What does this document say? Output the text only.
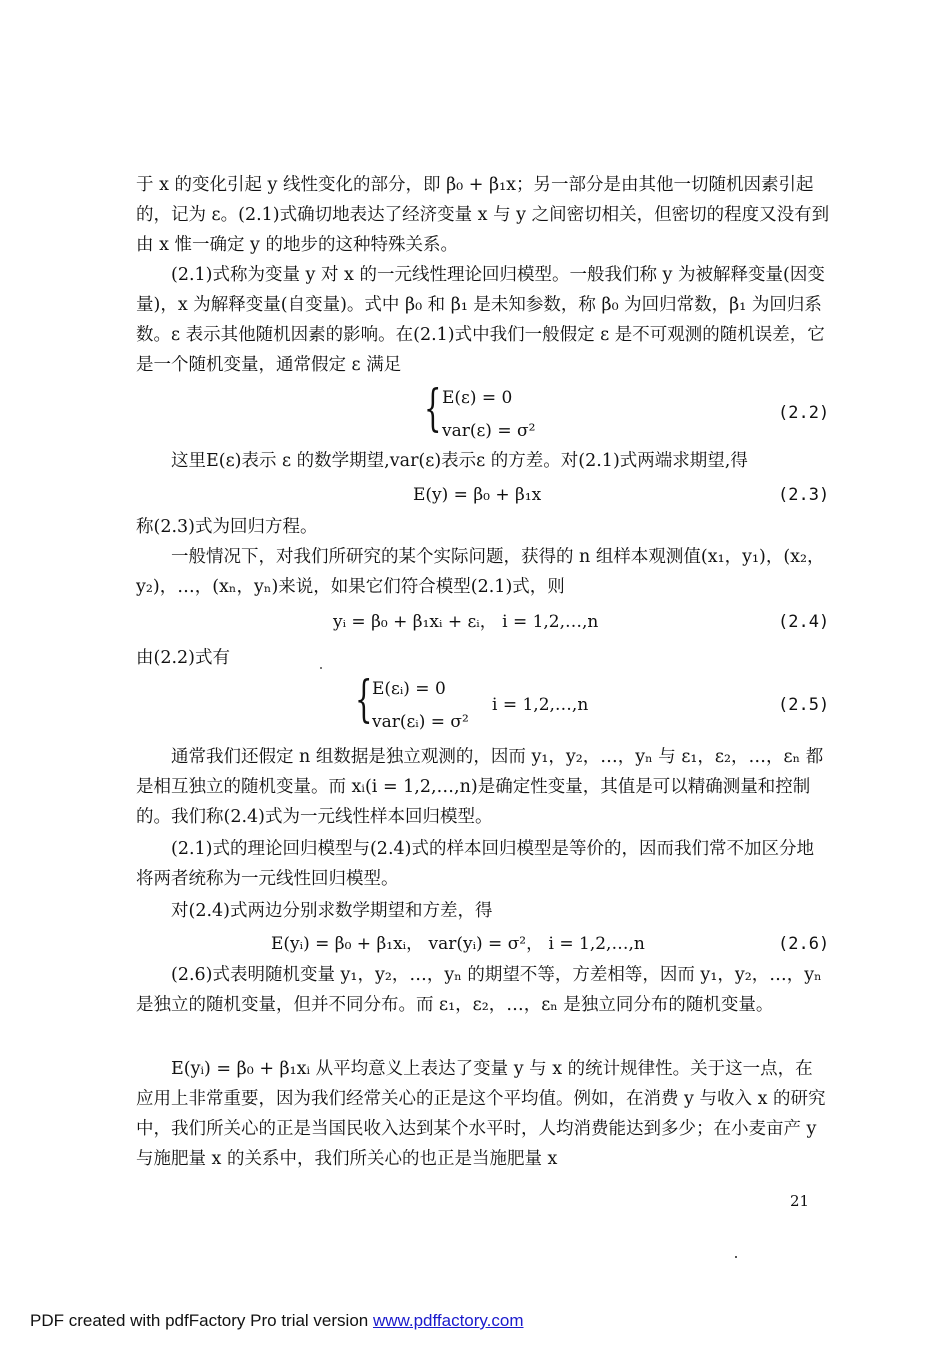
于 x 的变化引起 y 线性变化的部分，即 β₀ + β₁x；另一部分是由其他一切随机因素引起的，记为 ε。(2.1)式确切地表达了经济变量 x 与 y 之间密切相关，但密切的程度又没有到由 x 惟一确定 y 的地步的这种特殊关系。

(2.1)式称为变量 y 对 x 的一元线性理论回归模型。一般我们称 y 为被解释变量(因变量)，x 为解释变量(自变量)。式中 β₀ 和 β₁ 是未知参数，称 β₀ 为回归常数，β₁ 为回归系数。ε 表示其他随机因素的影响。在(2.1)式中我们一般假定 ε 是不可观测的随机误差，它是一个随机变量，通常假定 ε 满足

{ E(ε) = 0
var(ε) = σ²
(2.2)

这里E(ε)表示 ε 的数学期望,var(ε)表示ε 的方差。对(2.1)式两端求期望,得

E(y) = β₀ + β₁x	(2.3)

称(2.3)式为回归方程。

一般情况下，对我们所研究的某个实际问题，获得的 n 组样本观测值(x₁，y₁)，(x₂，y₂)，…，(xₙ，yₙ)来说，如果它们符合模型(2.1)式，则

yᵢ = β₀ + β₁xᵢ + εᵢ， i = 1,2,…,n	(2.4)

由(2.2)式有

{ E(εᵢ) = 0
var(εᵢ) = σ²
i = 1,2,…,n	(2.5)

通常我们还假定 n 组数据是独立观测的，因而 y₁，y₂，…，yₙ 与 ε₁，ε₂，…，εₙ 都是相互独立的随机变量。而 xᵢ(i = 1,2,…,n)是确定性变量，其值是可以精确测量和控制的。我们称(2.4)式为一元线性样本回归模型。

(2.1)式的理论回归模型与(2.4)式的样本回归模型是等价的，因而我们常不加区分地将两者统称为一元线性回归模型。

对(2.4)式两边分别求数学期望和方差，得

E(yᵢ) = β₀ + β₁xᵢ， var(yᵢ) = σ²， i = 1,2,…,n	(2.6)

(2.6)式表明随机变量 y₁，y₂，…，yₙ 的期望不等，方差相等，因而 y₁，y₂，…，yₙ 是独立的随机变量，但并不同分布。而 ε₁，ε₂，…，εₙ 是独立同分布的随机变量。

E(yᵢ) = β₀ + β₁xᵢ 从平均意义上表达了变量 y 与 x 的统计规律性。关于这一点，在应用上非常重要，因为我们经常关心的正是这个平均值。例如，在消费 y 与收入 x 的研究中，我们所关心的正是当国民收入达到某个水平时，人均消费能达到多少；在小麦亩产 y 与施肥量 x 的关系中，我们所关心的也正是当施肥量 x

21
PDF created with pdfFactory Pro trial version www.pdffactory.com
